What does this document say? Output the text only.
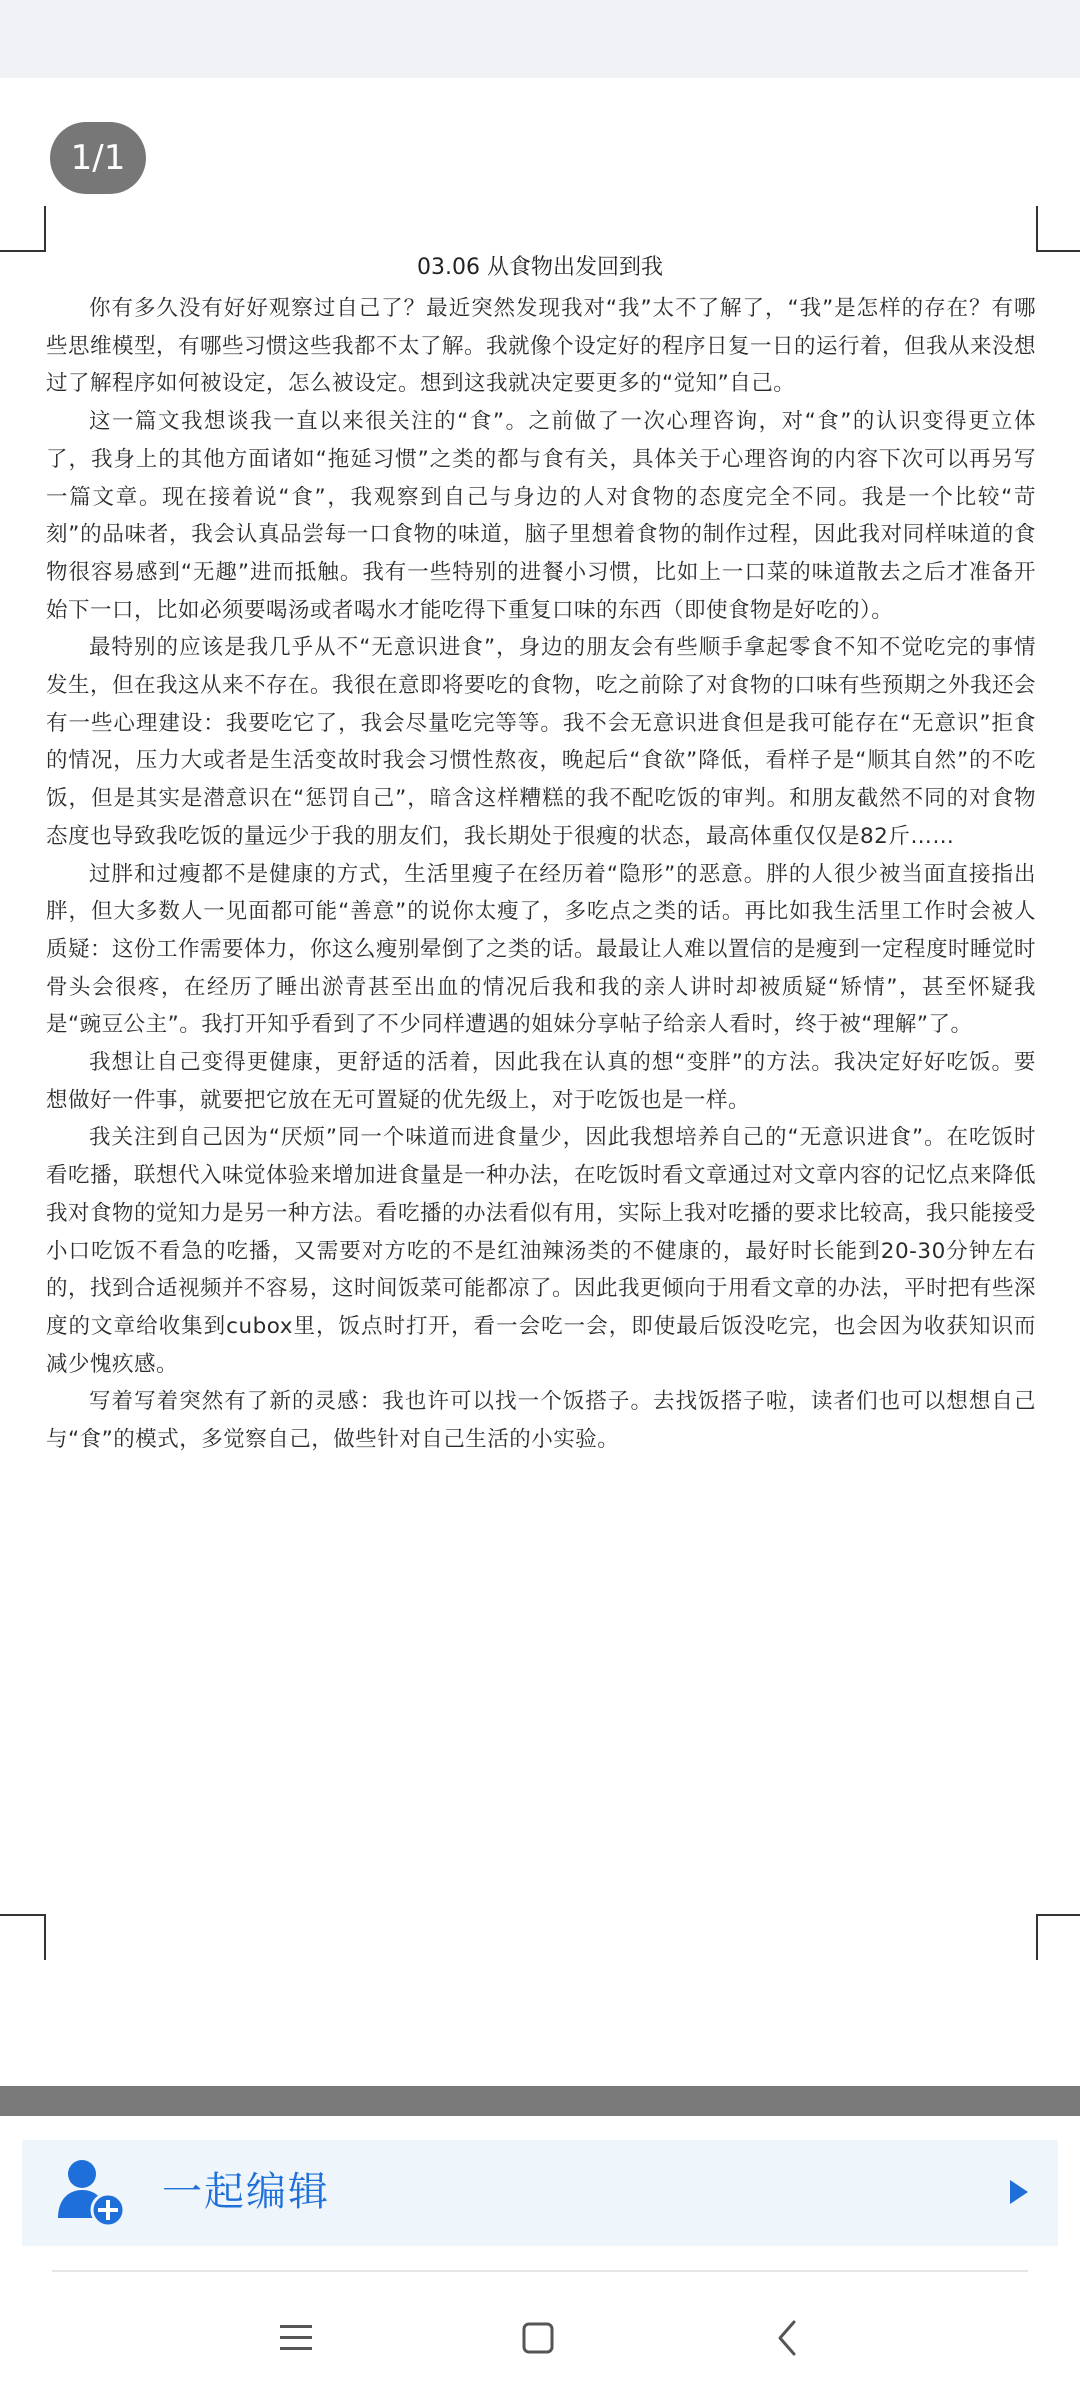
1/1
03.06 从食物出发回到我

你有多久没有好好观察过自己了？最近突然发现我对“我”太不了解了，“我”是怎样的存在？有哪些思维模型，有哪些习惯这些我都不太了解。我就像个设定好的程序日复一日的运行着，但我从来没想过了解程序如何被设定，怎么被设定。想到这我就决定要更多的“觉知”自己。

这一篇文我想谈我一直以来很关注的“食”。之前做了一次心理咨询，对“食”的认识变得更立体了，我身上的其他方面诸如“拖延习惯”之类的都与食有关，具体关于心理咨询的内容下次可以再另写一篇文章。现在接着说“食”，我观察到自己与身边的人对食物的态度完全不同。我是一个比较“苛刻”的品味者，我会认真品尝每一口食物的味道，脑子里想着食物的制作过程，因此我对同样味道的食物很容易感到“无趣”进而抵触。我有一些特别的进餐小习惯，比如上一口菜的味道散去之后才准备开始下一口，比如必须要喝汤或者喝水才能吃得下重复口味的东西（即使食物是好吃的）。

最特别的应该是我几乎从不“无意识进食”，身边的朋友会有些顺手拿起零食不知不觉吃完的事情发生，但在我这从来不存在。我很在意即将要吃的食物，吃之前除了对食物的口味有些预期之外我还会有一些心理建设：我要吃它了，我会尽量吃完等等。我不会无意识进食但是我可能存在“无意识”拒食的情况，压力大或者是生活变故时我会习惯性熬夜，晚起后“食欲”降低，看样子是“顺其自然”的不吃饭，但是其实是潜意识在“惩罚自己”，暗含这样糟糕的我不配吃饭的审判。和朋友截然不同的对食物态度也导致我吃饭的量远少于我的朋友们，我长期处于很瘦的状态，最高体重仅仅是82斤……

过胖和过瘦都不是健康的方式，生活里瘦子在经历着“隐形”的恶意。胖的人很少被当面直接指出胖，但大多数人一见面都可能“善意”的说你太瘦了，多吃点之类的话。再比如我生活里工作时会被人质疑：这份工作需要体力，你这么瘦别晕倒了之类的话。最最让人难以置信的是瘦到一定程度时睡觉时骨头会很疼，在经历了睡出淤青甚至出血的情况后我和我的亲人讲时却被质疑“矫情”，甚至怀疑我是“豌豆公主”。我打开知乎看到了不少同样遭遇的姐妹分享帖子给亲人看时，终于被“理解”了。

我想让自己变得更健康，更舒适的活着，因此我在认真的想“变胖”的方法。我决定好好吃饭。要想做好一件事，就要把它放在无可置疑的优先级上，对于吃饭也是一样。

我关注到自己因为“厌烦”同一个味道而进食量少，因此我想培养自己的“无意识进食”。在吃饭时看吃播，联想代入味觉体验来增加进食量是一种办法，在吃饭时看文章通过对文章内容的记忆点来降低我对食物的觉知力是另一种方法。看吃播的办法看似有用，实际上我对吃播的要求比较高，我只能接受小口吃饭不看急的吃播，又需要对方吃的不是红油辣汤类的不健康的，最好时长能到20-30分钟左右的，找到合适视频并不容易，这时间饭菜可能都凉了。因此我更倾向于用看文章的办法，平时把有些深度的文章给收集到cubox里，饭点时打开，看一会吃一会，即使最后饭没吃完，也会因为收获知识而减少愧疚感。

写着写着突然有了新的灵感：我也许可以找一个饭搭子。去找饭搭子啦，读者们也可以想想自己与“食”的模式，多觉察自己，做些针对自己生活的小实验。

一起编辑
